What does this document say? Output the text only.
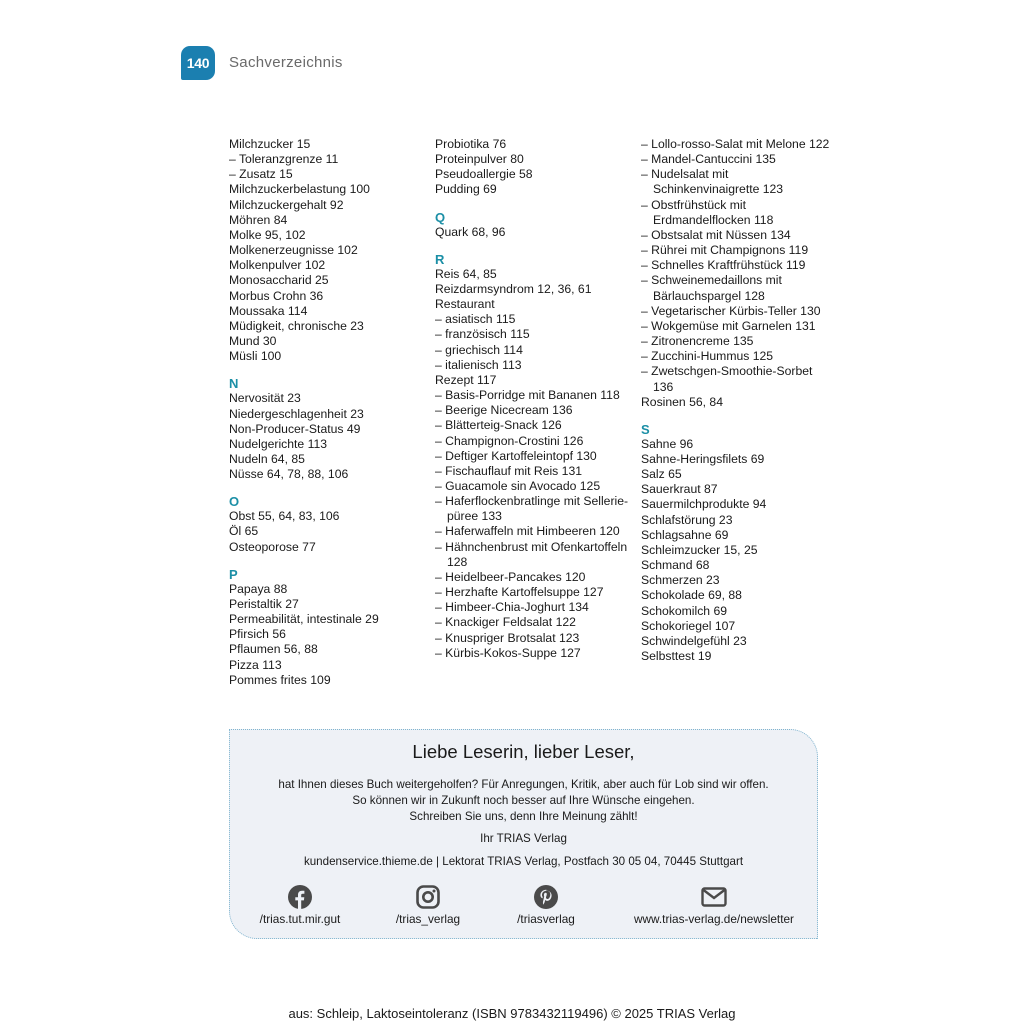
140	Sachverzeichnis
Milchzucker 15
– Toleranzgrenze 11
– Zusatz 15
Milchzuckerbelastung 100
Milchzuckergehalt 92
Möhren 84
Molke 95, 102
Molkenerzeugnisse 102
Molkenpulver 102
Monosaccharid 25
Morbus Crohn 36
Moussaka 114
Müdigkeit, chronische 23
Mund 30
Müsli 100
N
Nervosität 23
Niedergeschlagenheit 23
Non-Producer-Status 49
Nudelgerichte 113
Nudeln 64, 85
Nüsse 64, 78, 88, 106
O
Obst 55, 64, 83, 106
Öl 65
Osteoporose 77
P
Papaya 88
Peristaltik 27
Permeabilität, intestinale 29
Pfirsich 56
Pflaumen 56, 88
Pizza 113
Pommes frites 109
Probiotika 76
Proteinpulver 80
Pseudoallergie 58
Pudding 69
Q
Quark 68, 96
R
Reis 64, 85
Reizdarmsyndrom 12, 36, 61
Restaurant
– asiatisch 115
– französisch 115
– griechisch 114
– italienisch 113
Rezept 117
– Basis-Porridge mit Bananen 118
– Beerige Nicecream 136
– Blätterteig-Snack 126
– Champignon-Crostini 126
– Deftiger Kartoffeleintopf 130
– Fischauflauf mit Reis 131
– Guacamole sin Avocado 125
– Haferflockenbratlinge mit Selleriepüree 133
– Haferwaffeln mit Himbeeren 120
– Hähnchenbrust mit Ofenkartoffeln 128
– Heidelbeer-Pancakes 120
– Herzhafte Kartoffelsuppe 127
– Himbeer-Chia-Joghurt 134
– Knackiger Feldsalat 122
– Knuspriger Brotsalat 123
– Kürbis-Kokos-Suppe 127
– Lollo-rosso-Salat mit Melone 122
– Mandel-Cantuccini 135
– Nudelsalat mit Schinkenvinaigrette 123
– Obstfrühstück mit Erdmandelflocken 118
– Obstsalat mit Nüssen 134
– Rührei mit Champignons 119
– Schnelles Kraftfrühstück 119
– Schweinemedaillons mit Bärlauchspargel 128
– Vegetarischer Kürbis-Teller 130
– Wokgemüse mit Garnelen 131
– Zitronencreme 135
– Zucchini-Hummus 125
– Zwetschgen-Smoothie-Sorbet 136
Rosinen 56, 84
S
Sahne 96
Sahne-Heringsfilets 69
Salz 65
Sauerkraut 87
Sauermilchprodukte 94
Schlafstörung 23
Schlagsahne 69
Schleimzucker 15, 25
Schmand 68
Schmerzen 23
Schokolade 69, 88
Schokomilch 69
Schokoriegel 107
Schwindelgefühl 23
Selbsttest 19
Liebe Leserin, lieber Leser,
hat Ihnen dieses Buch weitergeholfen? Für Anregungen, Kritik, aber auch für Lob sind wir offen.
So können wir in Zukunft noch besser auf Ihre Wünsche eingehen.
Schreiben Sie uns, denn Ihre Meinung zählt!
Ihr TRIAS Verlag
kundenservice.thieme.de | Lektorat TRIAS Verlag, Postfach 30 05 04, 70445 Stuttgart
/trias.tut.mir.gut	/trias_verlag	/triasverlag	www.trias-verlag.de/newsletter
aus: Schleip, Laktoseintoleranz (ISBN 9783432119496) © 2025 TRIAS Verlag
